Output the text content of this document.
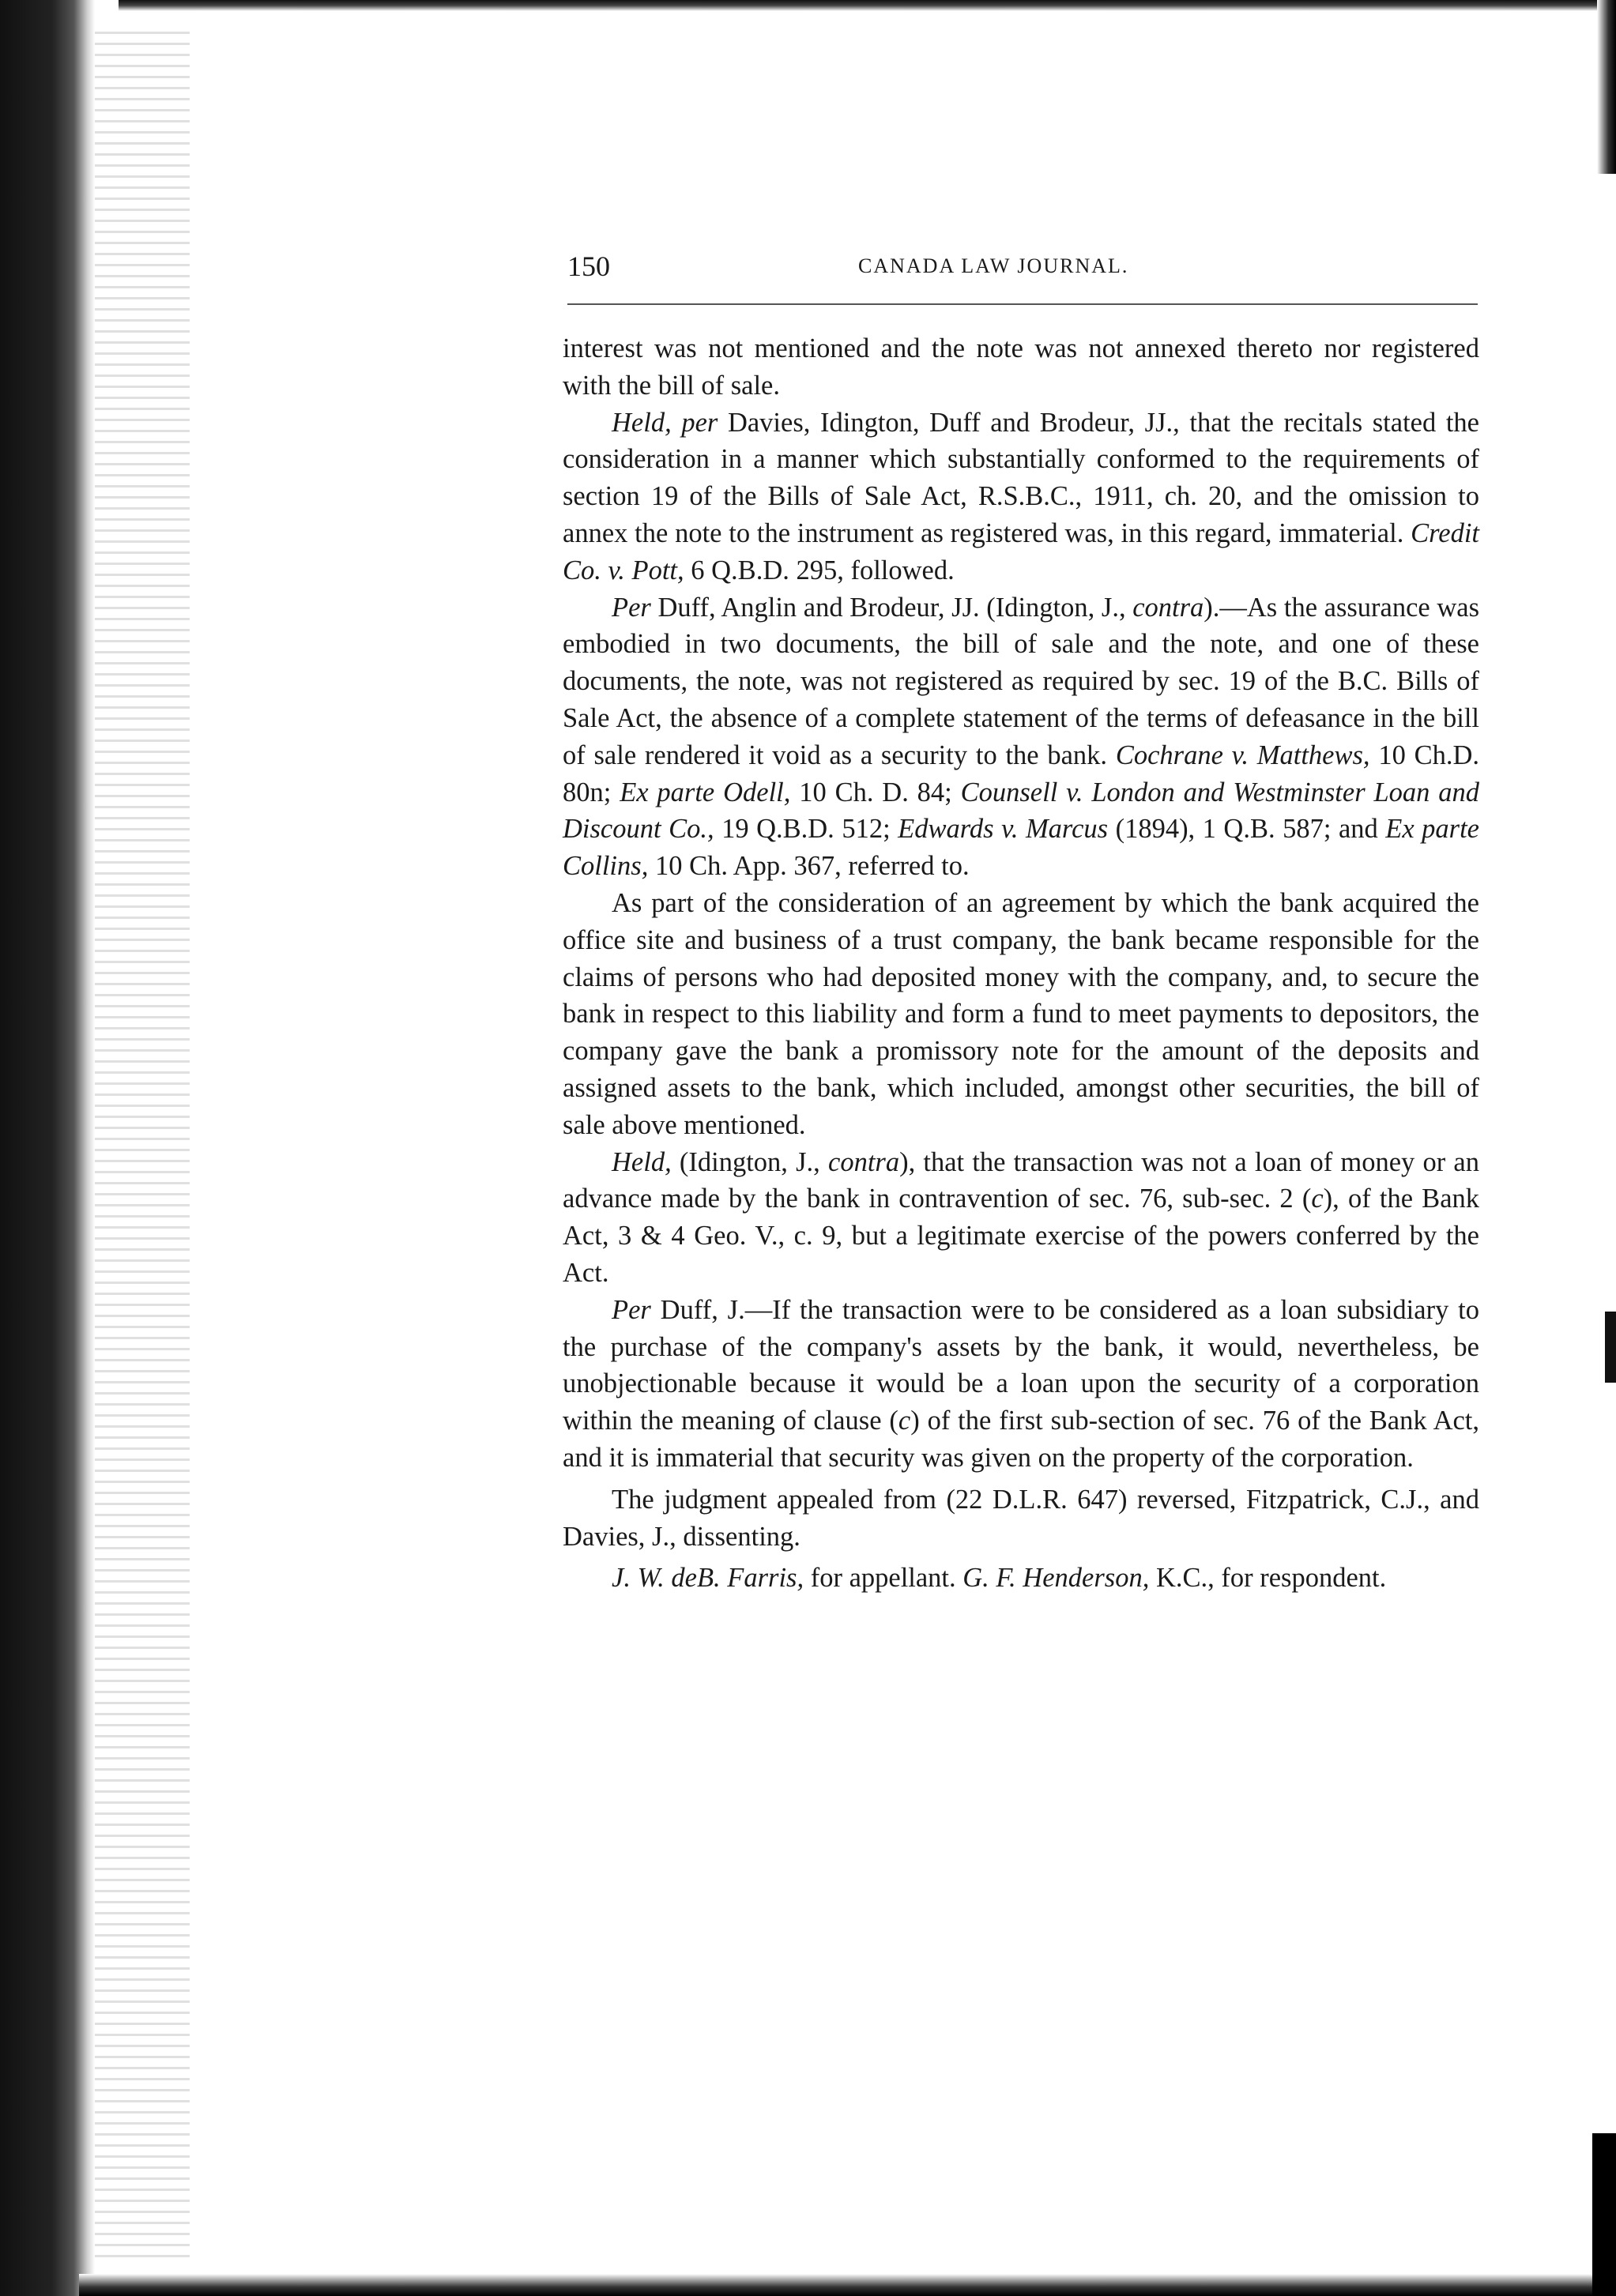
150	CANADA LAW JOURNAL.

interest was not mentioned and the note was not annexed thereto nor registered with the bill of sale.

Held, per Davies, Idington, Duff and Brodeur, JJ., that the recitals stated the consideration in a manner which substantially conformed to the requirements of section 19 of the Bills of Sale Act, R.S.B.C., 1911, ch. 20, and the omission to annex the note to the instrument as registered was, in this regard, immaterial. Credit Co. v. Pott, 6 Q.B.D. 295, followed.

Per Duff, Anglin and Brodeur, JJ. (Idington, J., contra).—As the assurance was embodied in two documents, the bill of sale and the note, and one of these documents, the note, was not registered as required by sec. 19 of the B.C. Bills of Sale Act, the absence of a complete statement of the terms of defeasance in the bill of sale rendered it void as a security to the bank. Cochrane v. Matthews, 10 Ch.D. 80n; Ex parte Odell, 10 Ch. D. 84; Counsell v. London and Westminster Loan and Discount Co., 19 Q.B.D. 512; Edwards v. Marcus (1894), 1 Q.B. 587; and Ex parte Collins, 10 Ch. App. 367, referred to.

As part of the consideration of an agreement by which the bank acquired the office site and business of a trust company, the bank became responsible for the claims of persons who had deposited money with the company, and, to secure the bank in respect to this liability and form a fund to meet payments to depositors, the company gave the bank a promissory note for the amount of the deposits and assigned assets to the bank, which included, amongst other securities, the bill of sale above mentioned.

Held, (Idington, J., contra), that the transaction was not a loan of money or an advance made by the bank in contravention of sec. 76, sub-sec. 2 (c), of the Bank Act, 3 & 4 Geo. V., c. 9, but a legitimate exercise of the powers conferred by the Act.

Per Duff, J.—If the transaction were to be considered as a loan subsidiary to the purchase of the company's assets by the bank, it would, nevertheless, be unobjectionable because it would be a loan upon the security of a corporation within the meaning of clause (c) of the first sub-section of sec. 76 of the Bank Act, and it is immaterial that security was given on the property of the corporation.

The judgment appealed from (22 D.L.R. 647) reversed, Fitzpatrick, C.J., and Davies, J., dissenting.

J. W. deB. Farris, for appellant. G. F. Henderson, K.C., for respondent.
